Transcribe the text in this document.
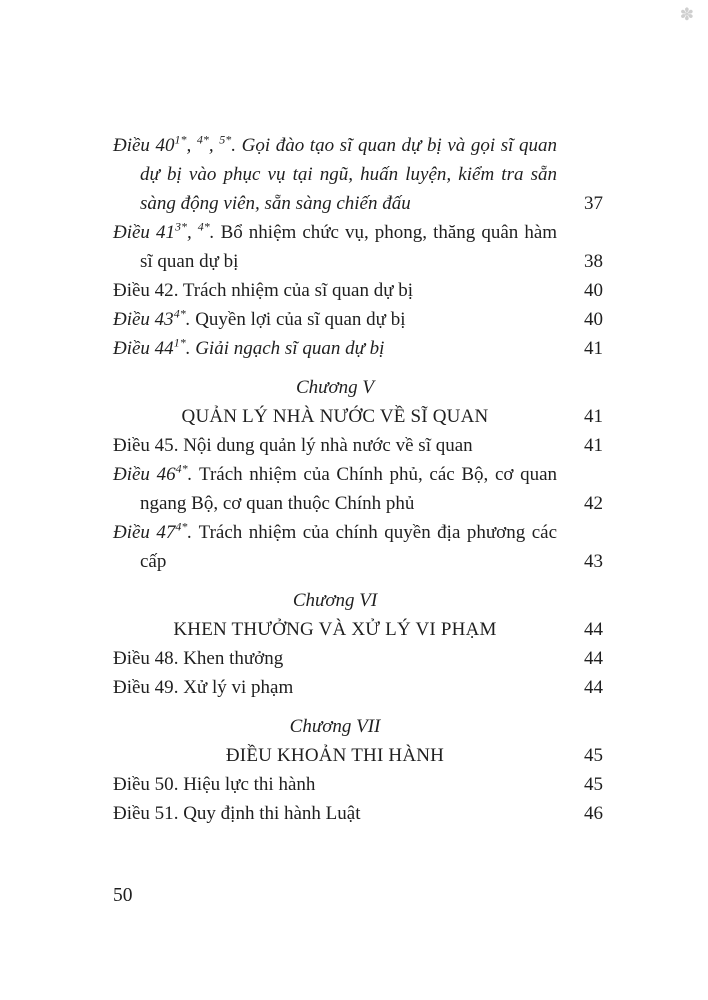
✽
Điều $40^{1*}$, $^{4*}$, $^{5*}$. Gọi đào tạo sĩ quan dự bị và gọi sĩ quan dự bị vào phục vụ tại ngũ, huấn luyện, kiểm tra sẵn sàng động viên, sẵn sàng chiến đấu	37
Điều $41^{3*}$, $^{4*}$. Bổ nhiệm chức vụ, phong, thăng quân hàm sĩ quan dự bị	38
Điều 42. Trách nhiệm của sĩ quan dự bị	40
Điều $43^{4*}$. Quyền lợi của sĩ quan dự bị	40
Điều $44^{1*}$. Giải ngạch sĩ quan dự bị	41
Chương V
QUẢN LÝ NHÀ NƯỚC VỀ SĨ QUAN	41
Điều 45. Nội dung quản lý nhà nước về sĩ quan	41
Điều $46^{4*}$. Trách nhiệm của Chính phủ, các Bộ, cơ quan ngang Bộ, cơ quan thuộc Chính phủ	42
Điều $47^{4*}$. Trách nhiệm của chính quyền địa phương các cấp	43
Chương VI
KHEN THƯỞNG VÀ XỬ LÝ VI PHẠM	44
Điều 48. Khen thưởng	44
Điều 49. Xử lý vi phạm	44
Chương VII
ĐIỀU KHOẢN THI HÀNH	45
Điều 50. Hiệu lực thi hành	45
Điều 51. Quy định thi hành Luật	46
50
